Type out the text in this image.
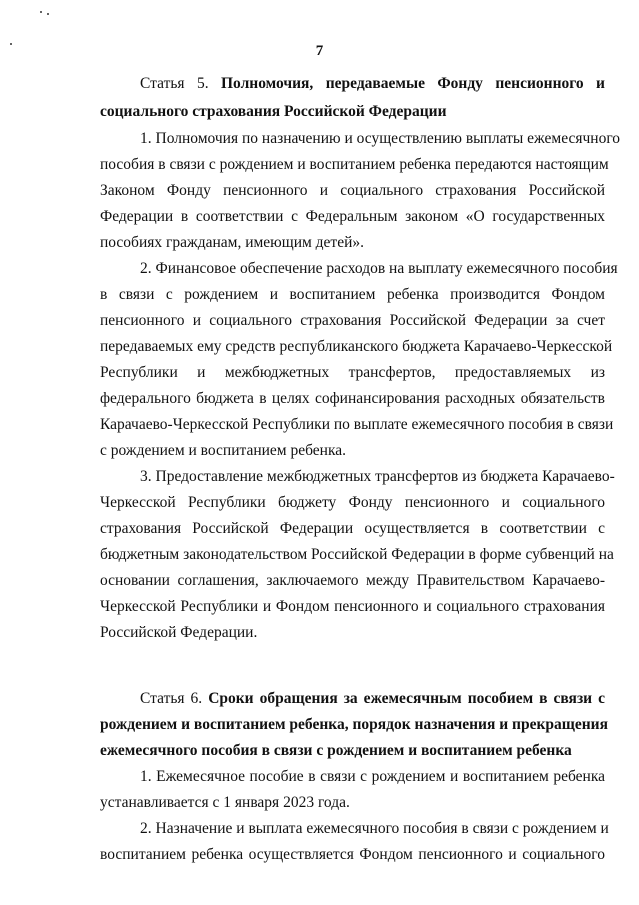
7
Статья 5. Полномочия, передаваемые Фонду пенсионного и
социального страхования Российской Федерации
1. Полномочия по назначению и осуществлению выплаты ежемесячного
пособия в связи с рождением и воспитанием ребенка передаются настоящим
Законом Фонду пенсионного и социального страхования Российской
Федерации в соответствии с Федеральным законом «О государственных
пособиях гражданам, имеющим детей».
2. Финансовое обеспечение расходов на выплату ежемесячного пособия
в связи с рождением и воспитанием ребенка производится Фондом
пенсионного и социального страхования Российской Федерации за счет
передаваемых ему средств республиканского бюджета Карачаево-Черкесской
Республики и межбюджетных трансфертов, предоставляемых из
федерального бюджета в целях софинансирования расходных обязательств
Карачаево-Черкесской Республики по выплате ежемесячного пособия в связи
с рождением и воспитанием ребенка.
3. Предоставление межбюджетных трансфертов из бюджета Карачаево-
Черкесской Республики бюджету Фонду пенсионного и социального
страхования Российской Федерации осуществляется в соответствии с
бюджетным законодательством Российской Федерации в форме субвенций на
основании соглашения, заключаемого между Правительством Карачаево-
Черкесской Республики и Фондом пенсионного и социального страхования
Российской Федерации.
Статья 6. Сроки обращения за ежемесячным пособием в связи с
рождением и воспитанием ребенка, порядок назначения и прекращения
ежемесячного пособия в связи с рождением и воспитанием ребенка
1. Ежемесячное пособие в связи с рождением и воспитанием ребенка
устанавливается с 1 января 2023 года.
2. Назначение и выплата ежемесячного пособия в связи с рождением и
воспитанием ребенка осуществляется Фондом пенсионного и социального
